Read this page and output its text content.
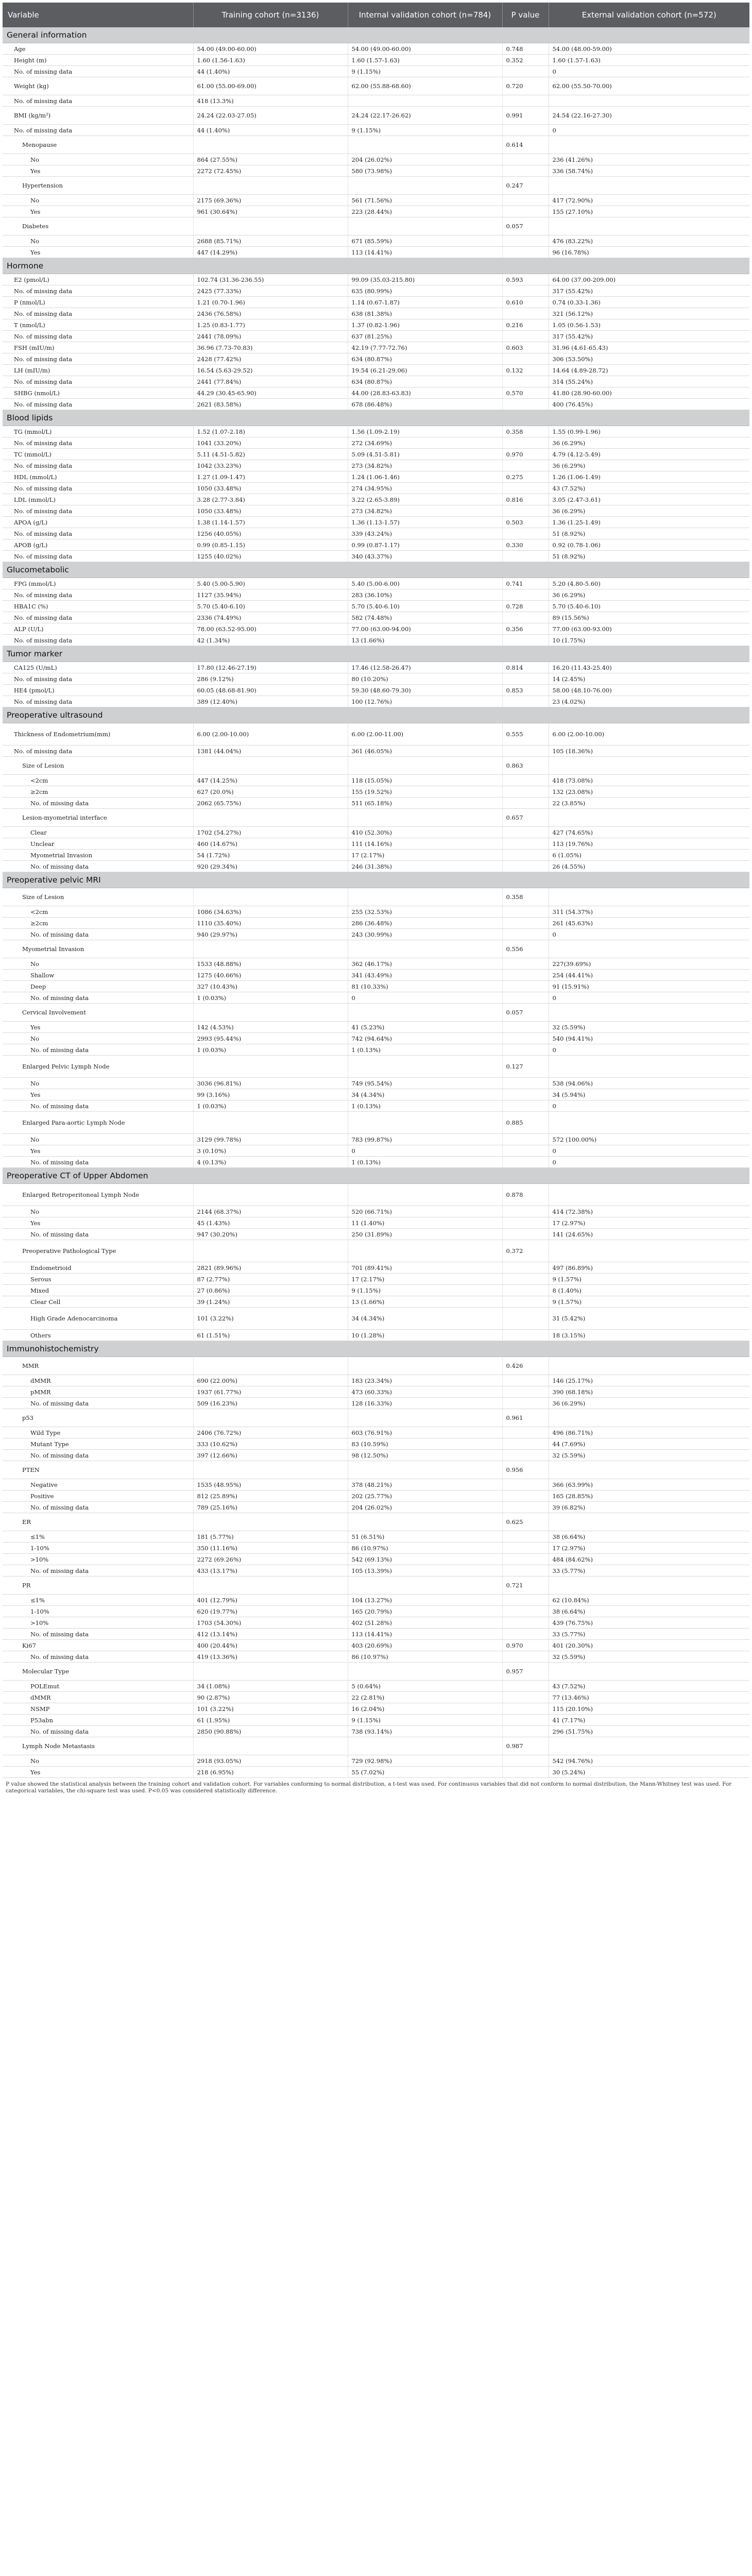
Variable	Training cohort (n=3136)	Internal validation cohort (n=784)	P value	External validation cohort (n=572)
General information				
Age	54.00 (49.00-60.00)	54.00 (49.00-60.00)	0.748	54.00 (48.00-59.00)
Height (m)	1.60 (1.56-1.63)	1.60 (1.57-1.63)	0.352	1.60 (1.57-1.63)
No. of missing data	44 (1.40%)	9 (1.15%)		0
Weight (kg)	61.00 (55.00-69.00)	62.00 (55.88-68.60)	0.720	62.00 (55.50-70.00)
No. of missing data	418 (13.3%)			
BMI (kg/m²)	24.24 (22.03-27.05)	24.24 (22.17-26.62)	0.991	24.54 (22.16-27.30)
No. of missing data	44 (1.40%)	9 (1.15%)		0
Menopause			0.614	
No	864 (27.55%)	204 (26.02%)		236 (41.26%)
Yes	2272 (72.45%)	580 (73.98%)		336 (58.74%)
Hypertension			0.247	
No	2175 (69.36%)	561 (71.56%)		417 (72.90%)
Yes	961 (30.64%)	223 (28.44%)		155 (27.10%)
Diabetes			0.057	
No	2688 (85.71%)	671 (85.59%)		476 (83.22%)
Yes	447 (14.29%)	113 (14.41%)		96 (16.78%)
Hormone				
E2 (pmol/L)	102.74 (31.36-236.55)	99.09 (35.03-215.80)	0.593	64.00 (37.00-209.00)
No. of missing data	2425 (77.33%)	635 (80.99%)		317 (55.42%)
P (nmol/L)	1.21 (0.70-1.96)	1.14 (0.67-1.87)	0.610	0.74 (0.33-1.36)
No. of missing data	2436 (76.58%)	638 (81.38%)		321 (56.12%)
T (nmol/L)	1.25 (0.83-1.77)	1.37 (0.82-1.96)	0.216	1.05 (0.56-1.53)
No. of missing data	2441 (78.09%)	637 (81.25%)		317 (55.42%)
FSH (mIU/m)	36.96 (7.73-70.83)	42.19 (7.77-72.76)	0.603	31.96 (4.61-65.43)
No. of missing data	2428 (77.42%)	634 (80.87%)		306 (53.50%)
LH (mIU/m)	16.54 (5.63-29.52)	19.54 (6.21-29.06)	0.132	14.64 (4.89-28.72)
No. of missing data	2441 (77.84%)	634 (80.87%)		314 (55.24%)
SHBG (nmol/L)	44.29 (30.45-65.90)	44.00 (28.83-63.83)	0.570	41.80 (28.90-60.00)
No. of missing data	2621 (83.58%)	678 (86.48%)		400 (76.45%)
Blood lipids				
TG (mmol/L)	1.52 (1.07-2.18)	1.56 (1.09-2.19)	0.358	1.55 (0.99-1.96)
No. of missing data	1041 (33.20%)	272 (34.69%)		36 (6.29%)
TC (mmol/L)	5.11 (4.51-5.82)	5.09 (4.51-5.81)	0.970	4.79 (4.12-5.49)
No. of missing data	1042 (33.23%)	273 (34.82%)		36 (6.29%)
HDL (mmol/L)	1.27 (1.09-1.47)	1.24 (1.06-1.46)	0.275	1.26 (1.06-1.49)
No. of missing data	1050 (33.48%)	274 (34.95%)		43 (7.52%)
LDL (mmol/L)	3.28 (2.77-3.84)	3.22 (2.65-3.89)	0.816	3.05 (2.47-3.61)
No. of missing data	1050 (33.48%)	273 (34.82%)		36 (6.29%)
APOA (g/L)	1.38 (1.14-1.57)	1.36 (1.13-1.57)	0.503	1.36 (1.25-1.49)
No. of missing data	1256 (40.05%)	339 (43.24%)		51 (8.92%)
APOB (g/L)	0.99 (0.85-1.15)	0.99 (0.87-1.17)	0.330	0.92 (0.78-1.06)
No. of missing data	1255 (40.02%)	340 (43.37%)		51 (8.92%)
Glucometabolic				
FPG (mmol/L)	5.40 (5.00-5.90)	5.40 (5.00-6.00)	0.741	5.20 (4.80-5.60)
No. of missing data	1127 (35.94%)	283 (36.10%)		36 (6.29%)
HBA1C (%)	5.70 (5.40-6.10)	5.70 (5.40-6.10)	0.728	5.70 (5.40-6.10)
No. of missing data	2336 (74.49%)	582 (74.48%)		89 (15.56%)
ALP (U/L)	78.00 (63.52-95.00)	77.00 (63.00-94.00)	0.356	77.00 (63.00-93.00)
No. of missing data	42 (1.34%)	13 (1.66%)		10 (1.75%)
Tumor marker				
CA125 (U/mL)	17.80 (12.46-27.19)	17.46 (12.58-26.47)	0.814	16.20 (11.43-25.40)
No. of missing data	286 (9.12%)	80 (10.20%)		14 (2.45%)
HE4 (pmol/L)	60.05 (48.68-81.90)	59.30 (48.60-79.30)	0.853	58.00 (48.10-76.00)
No. of missing data	389 (12.40%)	100 (12.76%)		23 (4.02%)
Preoperative ultrasound				
Thickness of Endometrium(mm)	6.00 (2.00-10.00)	6.00 (2.00-11.00)	0.555	6.00 (2.00-10.00)
No. of missing data	1381 (44.04%)	361 (46.05%)		105 (18.36%)
Size of Lesion			0.863	
<2cm	447 (14.25%)	118 (15.05%)		418 (73.08%)
≥2cm	627 (20.0%)	155 (19.52%)		132 (23.08%)
No. of missing data	2062 (65.75%)	511 (65.18%)		22 (3.85%)
Lesion-myometrial interface			0.657	
Clear	1702 (54.27%)	410 (52.30%)		427 (74.65%)
Unclear	460 (14.67%)	111 (14.16%)		113 (19.76%)
Myometrial Invasion	54 (1.72%)	17 (2.17%)		6 (1.05%)
No. of missing data	920 (29.34%)	246 (31.38%)		26 (4.55%)
Preoperative pelvic MRI				
Size of Lesion			0.358	
<2cm	1086 (34.63%)	255 (32.53%)		311 (54.37%)
≥2cm	1110 (35.40%)	286 (36.48%)		261 (45.63%)
No. of missing data	940 (29.97%)	243 (30.99%)		0
Myometrial Invasion			0.556	
No	1533 (48.88%)	362 (46.17%)		227(39.69%)
Shallow	1275 (40.66%)	341 (43.49%)		254 (44.41%)
Deep	327 (10.43%)	81 (10.33%)		91 (15.91%)
No. of missing data	1 (0.03%)	0		0
Cervical Involvement			0.057	
Yes	142 (4.53%)	41 (5.23%)		32 (5.59%)
No	2993 (95.44%)	742 (94.64%)		540 (94.41%)
No. of missing data	1 (0.03%)	1 (0.13%)		0
Enlarged Pelvic Lymph Node			0.127	
No	3036 (96.81%)	749 (95.54%)		538 (94.06%)
Yes	99 (3.16%)	34 (4.34%)		34 (5.94%)
No. of missing data	1 (0.03%)	1 (0.13%)		0
Enlarged Para-aortic Lymph Node			0.885	
No	3129 (99.78%)	783 (99.87%)		572 (100.00%)
Yes	3 (0.10%)	0		0
No. of missing data	4 (0.13%)	1 (0.13%)		0
Preoperative CT of Upper Abdomen				
Enlarged Retroperitoneal Lymph Node			0.878	
No	2144 (68.37%)	520 (66.71%)		414 (72.38%)
Yes	45 (1.43%)	11 (1.40%)		17 (2.97%)
No. of missing data	947 (30.20%)	250 (31.89%)		141 (24.65%)
Preoperative Pathological Type			0.372	
Endometrioid	2821 (89.96%)	701 (89.41%)		497 (86.89%)
Serous	87 (2.77%)	17 (2.17%)		9 (1.57%)
Mixed	27 (0.86%)	9 (1.15%)		8 (1.40%)
Clear Cell	39 (1.24%)	13 (1.66%)		9 (1.57%)
High Grade Adenocarcinoma	101 (3.22%)	34 (4.34%)		31 (5.42%)
Others	61 (1.51%)	10 (1.28%)		18 (3.15%)
Immunohistochemistry				
MMR			0.426	
dMMR	690 (22.00%)	183 (23.34%)		146 (25.17%)
pMMR	1937 (61.77%)	473 (60.33%)		390 (68.18%)
No. of missing data	509 (16.23%)	128 (16.33%)		36 (6.29%)
p53			0.961	
Wild Type	2406 (76.72%)	603 (76.91%)		496 (86.71%)
Mutant Type	333 (10.62%)	83 (10.59%)		44 (7.69%)
No. of missing data	397 (12.66%)	98 (12.50%)		32 (5.59%)
PTEN			0.956	
Negative	1535 (48.95%)	378 (48.21%)		366 (63.99%)
Positive	812 (25.89%)	202 (25.77%)		165 (28.85%)
No. of missing data	789 (25.16%)	204 (26.02%)		39 (6.82%)
ER			0.625	
≤1%	181 (5.77%)	51 (6.51%)		38 (6.64%)
1-10%	350 (11.16%)	86 (10.97%)		17 (2.97%)
>10%	2272 (69.26%)	542 (69.13%)		484 (84.62%)
No. of missing data	433 (13.17%)	105 (13.39%)		33 (5.77%)
PR			0.721	
≤1%	401 (12.79%)	104 (13.27%)		62 (10.84%)
1-10%	620 (19.77%)	165 (20.79%)		38 (6.64%)
>10%	1703 (54.30%)	402 (51.28%)		439 (76.75%)
No. of missing data	412 (13.14%)	113 (14.41%)		33 (5.77%)
Ki67	400 (20.44%)	403 (20.69%)	0.970	401 (20.30%)
No. of missing data	419 (13.36%)	86 (10.97%)		32 (5.59%)
Molecular Type			0.957	
POLEmut	34 (1.08%)	5 (0.64%)		43 (7.52%)
dMMR	90 (2.87%)	22 (2.81%)		77 (13.46%)
NSMP	101 (3.22%)	16 (2.04%)		115 (20.10%)
P53abn	61 (1.95%)	9 (1.15%)		41 (7.17%)
No. of missing data	2850 (90.88%)	738 (93.14%)		296 (51.75%)
Lymph Node Metastasis			0.987	
No	2918 (93.05%)	729 (92.98%)		542 (94.76%)
Yes	218 (6.95%)	55 (7.02%)		30 (5.24%)
P value showed the statistical analysis between the training cohort and validation cohort. For variables conforming to normal distribution, a t-test was used. For continuous variables that did not conform to normal distribution, the Mann-Whitney test was used. For categorical variables, the chi-square test was used. P<0.05 was considered statistically difference.
